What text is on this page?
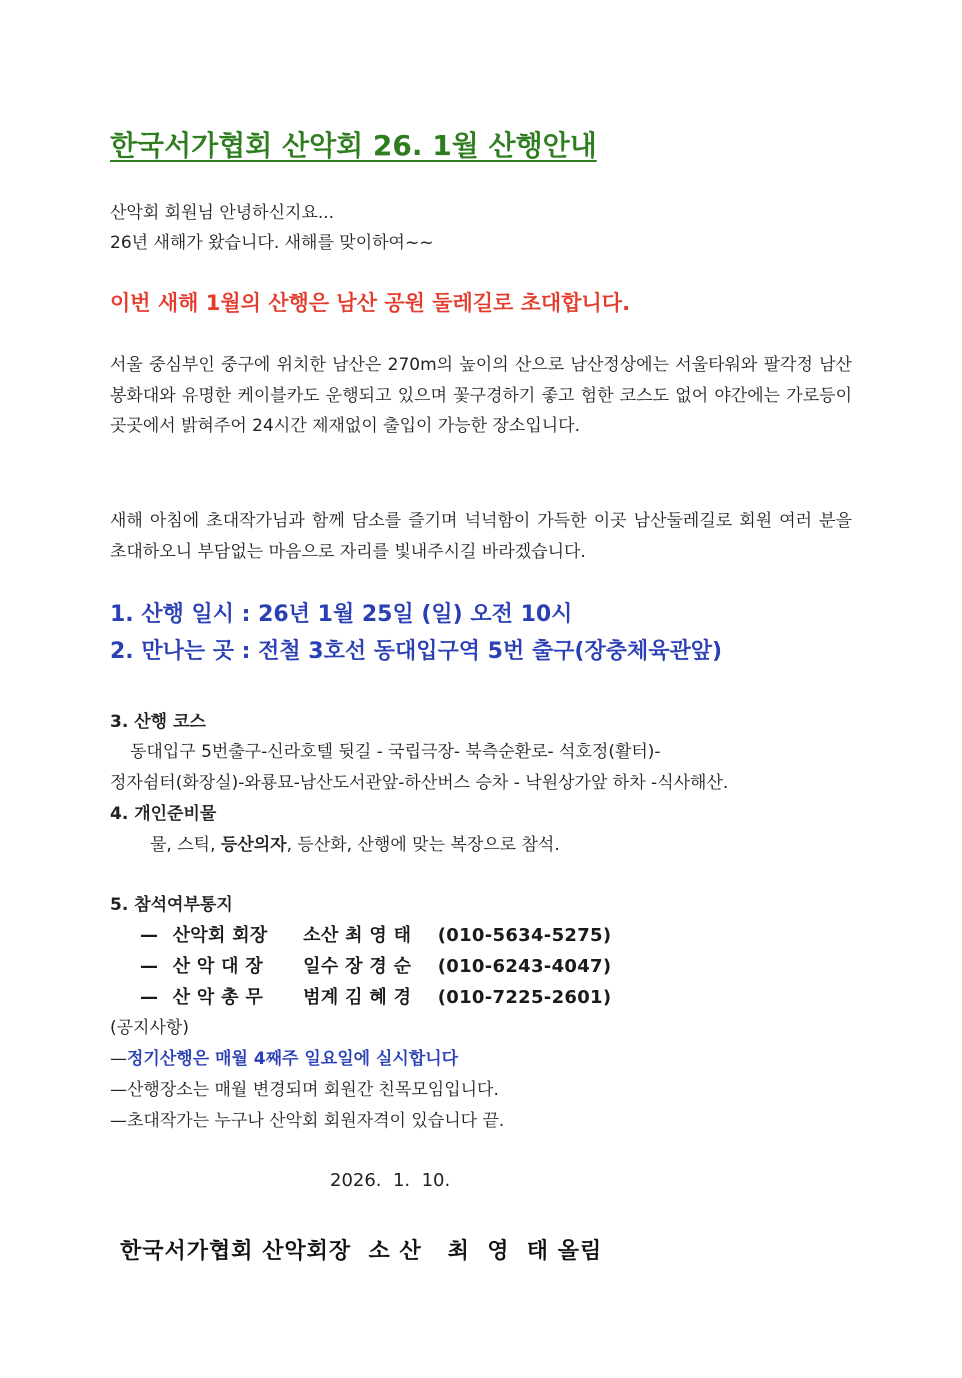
한국서가협회 산악회 26. 1월 산행안내
산악회 회원님 안녕하신지요...
26년 새해가 왔습니다. 새해를 맞이하여~~
이번 새해 1월의 산행은 남산 공원 둘레길로 초대합니다.
서울 중심부인 중구에 위치한 남산은 270m의 높이의 산으로 남산정상에는 서울타워와 팔각정 남산봉화대와 유명한 케이블카도 운행되고 있으며 꽃구경하기 좋고 험한 코스도 없어 야간에는 가로등이 곳곳에서 밝혀주어 24시간 제재없이 출입이 가능한 장소입니다.
새해 아침에 초대작가님과 함께 담소를 즐기며 넉넉함이 가득한 이곳 남산둘레길로 회원 여러 분을 초대하오니 부담없는 마음으로 자리를 빛내주시길 바라겠습니다.
1. 산행 일시 : 26년 1월 25일 (일) 오전 10시
2. 만나는 곳 : 전철 3호선 동대입구역 5번 출구(장충체육관앞)
3. 산행 코스
동대입구 5번출구-신라호텔 뒷길 - 국립극장- 북측순환로- 석호정(활터)-
정자쉼터(화장실)-와룡묘-남산도서관앞-하산버스 승차 - 낙원상가앞 하차 -식사해산.
4. 개인준비물
물, 스틱, 등산의자, 등산화, 산행에 맞는 복장으로 참석.
5. 참석여부통지
— 산악회 회장 소산 최 영 태 (010-5634-5275)
— 산 악 대 장 일수 장 경 순 (010-6243-4047)
— 산 악 총 무 범계 김 혜 경 (010-7225-2601)
(공지사항)
—정기산행은 매월 4째주 일요일에 실시합니다
—산행장소는 매월 변경되며 회원간 친목모임입니다.
—초대작가는 누구나 산악회 회원자격이 있습니다 끝.
2026.  1.  10.
한국서가협회 산악회장  소 산   최  영  태 올림
